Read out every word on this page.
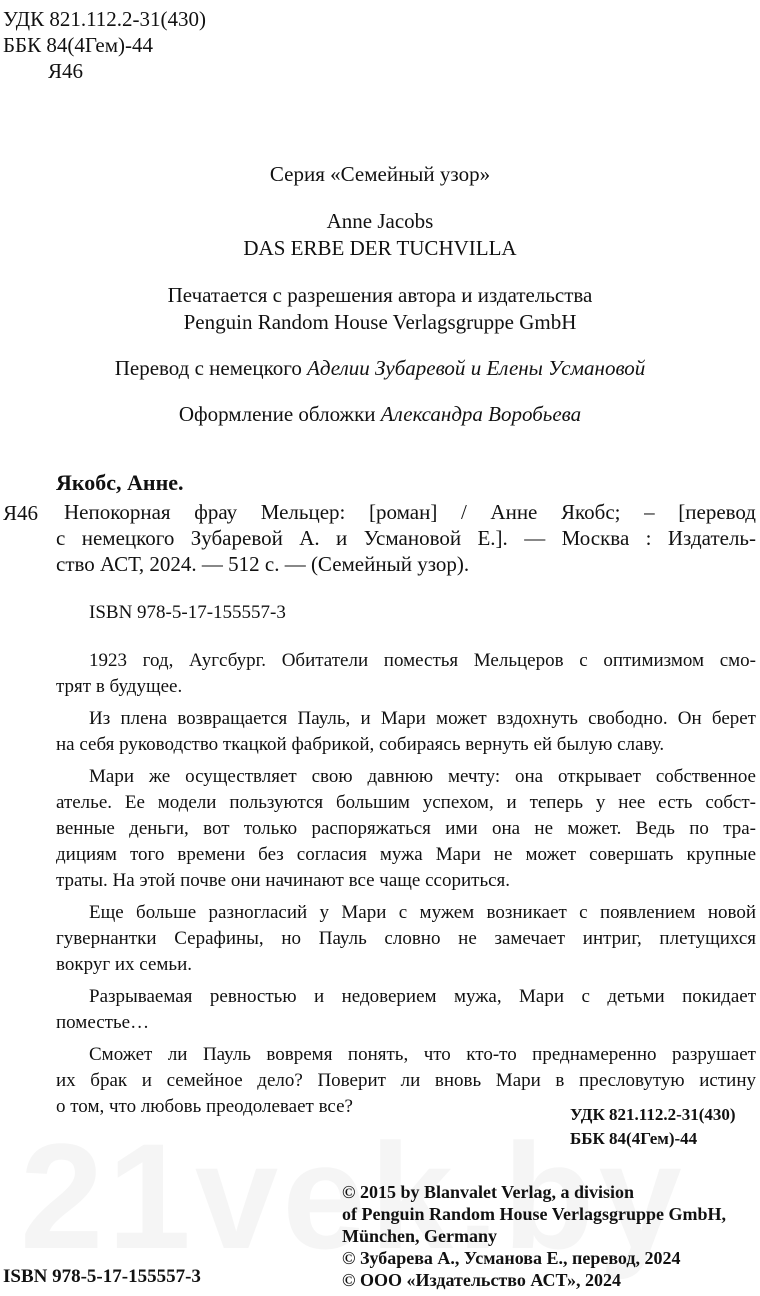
УДК 821.112.2-31(430)
ББК 84(4Гем)-44
Я46
Серия «Семейный узор»
Anne Jacobs
DAS ERBE DER TUCHVILLA
Печатается с разрешения автора и издательства
Penguin Random House Verlagsgruppe GmbH
Перевод с немецкого Аделии Зубаревой и Елены Усмановой
Оформление обложки Александра Воробьева
Якобс, Анне.
Я46	Непокорная фрау Мельцер: [роман] / Анне Якобс; – [перевод
с немецкого Зубаревой А. и Усмановой Е.]. — Москва : Издатель-
ство АСТ, 2024. — 512 с. — (Семейный узор).
ISBN 978-5-17-155557-3
1923 год, Аугсбург. Обитатели поместья Мельцеров с оптимизмом смо-
трят в будущее.
Из плена возвращается Пауль, и Мари может вздохнуть свободно. Он берет
на себя руководство ткацкой фабрикой, собираясь вернуть ей былую славу.
Мари же осуществляет свою давнюю мечту: она открывает собственное
ателье. Ее модели пользуются большим успехом, и теперь у нее есть собст-
венные деньги, вот только распоряжаться ими она не может. Ведь по тра-
дициям того времени без согласия мужа Мари не может совершать крупные
траты. На этой почве они начинают все чаще ссориться.
Еще больше разногласий у Мари с мужем возникает с появлением новой
гувернантки Серафины, но Пауль словно не замечает интриг, плетущихся
вокруг их семьи.
Разрываемая ревностью и недоверием мужа, Мари с детьми покидает
поместье…
Сможет ли Пауль вовремя понять, что кто-то преднамеренно разрушает
их брак и семейное дело? Поверит ли вновь Мари в пресловутую истину
о том, что любовь преодолевает все?	УДК 821.112.2-31(430)
ББК 84(4Гем)-44
© 2015 by Blanvalet Verlag, a division
of Penguin Random House Verlagsgruppe GmbH,
München, Germany
© Зубарева А., Усманова Е., перевод, 2024
© ООО «Издательство АСТ», 2024
ISBN 978-5-17-155557-3
